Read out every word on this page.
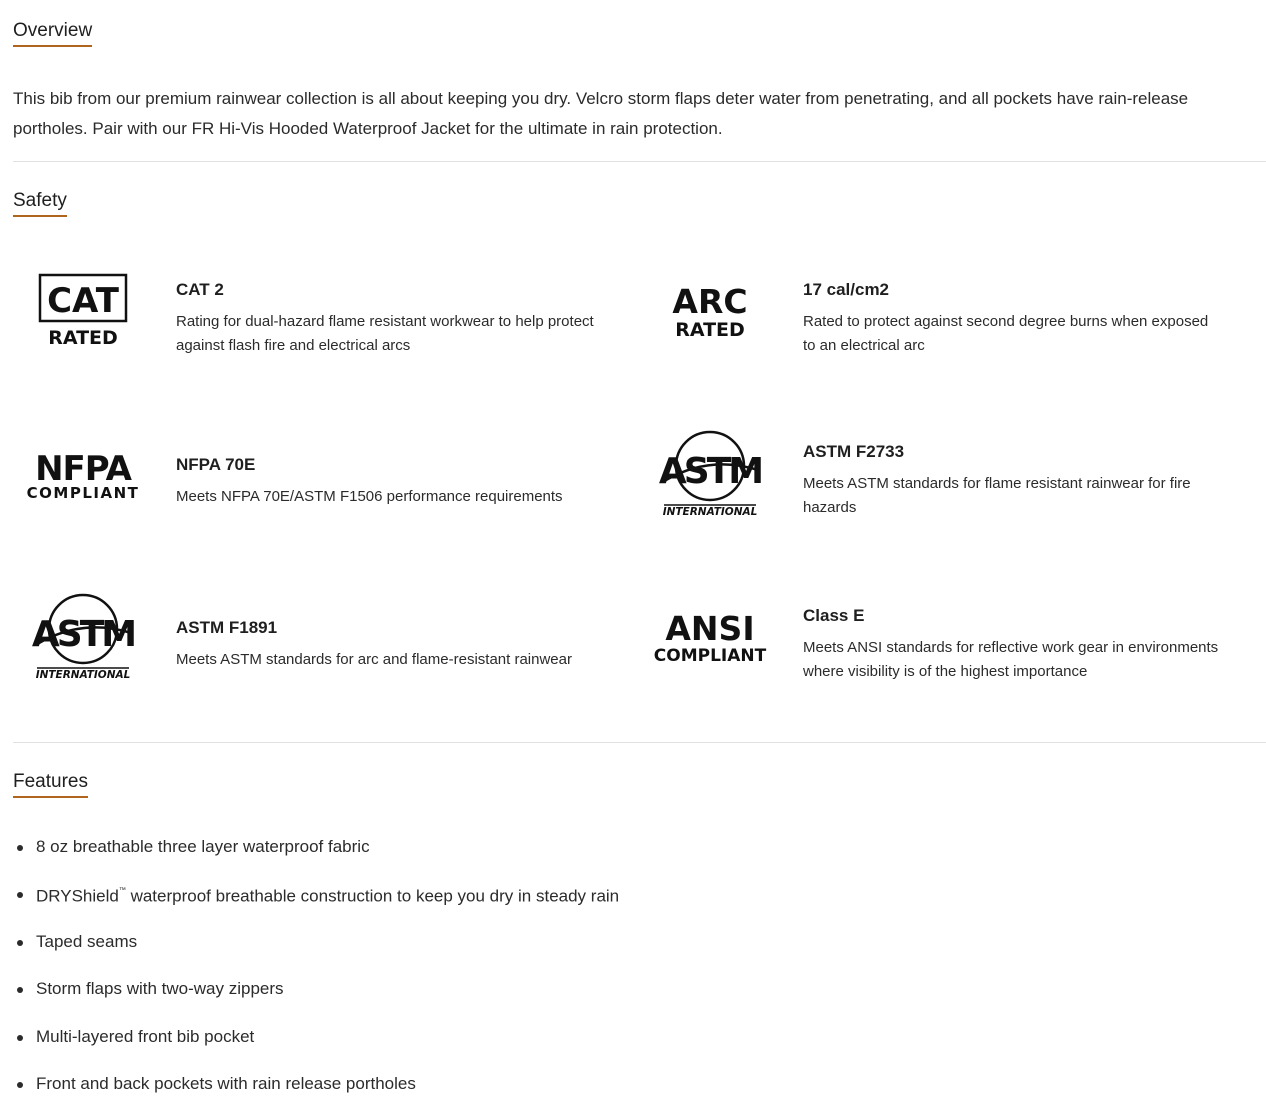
Overview

This bib from our premium rainwear collection is all about keeping you dry. Velcro storm flaps deter water from penetrating, and all pockets have rain-release portholes. Pair with our FR Hi-Vis Hooded Waterproof Jacket for the ultimate in rain protection.

Safety
CAT
RATED
CAT 2

Rating for dual-hazard flame resistant workwear to help protect against flash fire and electrical arcs

ARC
RATED
17 cal/cm2

Rated to protect against second degree burns when exposed to an electrical arc

NFPA
COMPLIANT
NFPA 70E

Meets NFPA 70E/ASTM F1506 performance requirements

ASTM
INTERNATIONAL
ASTM F2733

Meets ASTM standards for flame resistant rainwear for fire hazards

ASTM
INTERNATIONAL
ASTM F1891

Meets ASTM standards for arc and flame-resistant rainwear

ANSI
COMPLIANT
Class E

Meets ANSI standards for reflective work gear in environments where visibility is of the highest importance

Features
8 oz breathable three layer waterproof fabric
DRYShield™ waterproof breathable construction to keep you dry in steady rain
Taped seams
Storm flaps with two-way zippers
Multi-layered front bib pocket
Front and back pockets with rain release portholes
